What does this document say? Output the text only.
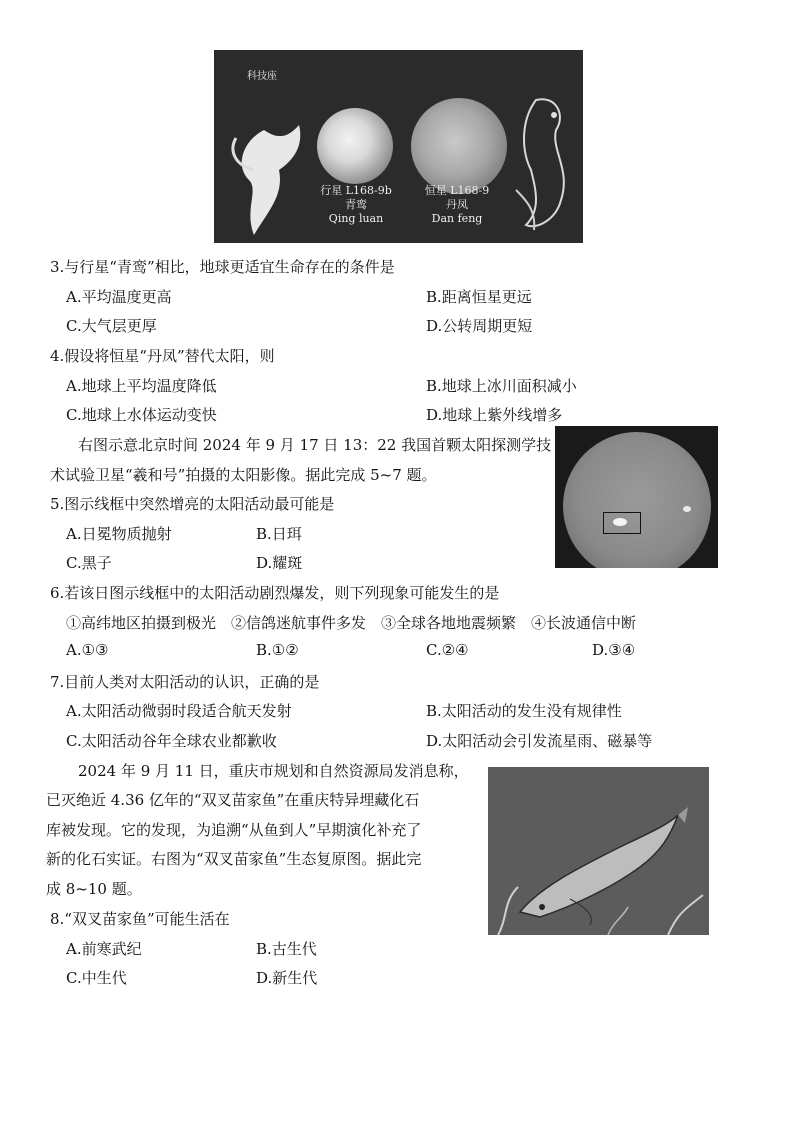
科技座
行星 L168-9b
青鸾
Qing luan
恒星 L168-9
丹凤
Dan feng
3.与行星“青鸾”相比，地球更适宜生命存在的条件是
A.平均温度更高	B.距离恒星更远
C.大气层更厚	D.公转周期更短
4.假设将恒星“丹凤”替代太阳，则
A.地球上平均温度降低	B.地球上冰川面积减小
C.地球上水体运动变快	D.地球上紫外线增多
右图示意北京时间 2024 年 9 月 17 日 13：22 我国首颗太阳探测学技
术试验卫星“羲和号”拍摄的太阳影像。据此完成 5~7 题。
5.图示线框中突然增亮的太阳活动最可能是
A.日冕物质抛射	B.日珥
C.黑子	D.耀斑
6.若该日图示线框中的太阳活动剧烈爆发，则下列现象可能发生的是
①高纬地区拍摄到极光　②信鸽迷航事件多发　③全球各地地震频繁　④长波通信中断
A.①③	B.①②	C.②④	D.③④
7.目前人类对太阳活动的认识，正确的是
A.太阳活动微弱时段适合航天发射	B.太阳活动的发生没有规律性
C.太阳活动谷年全球农业都歉收	D.太阳活动会引发流星雨、磁暴等
2024 年 9 月 11 日，重庆市规划和自然资源局发消息称，
已灭绝近 4.36 亿年的“双叉苗家鱼”在重庆特异埋藏化石
库被发现。它的发现，为追溯“从鱼到人”早期演化补充了
新的化石实证。右图为“双叉苗家鱼”生态复原图。据此完
成 8~10 题。
8.“双叉苗家鱼”可能生活在
A.前寒武纪	B.古生代
C.中生代	D.新生代
